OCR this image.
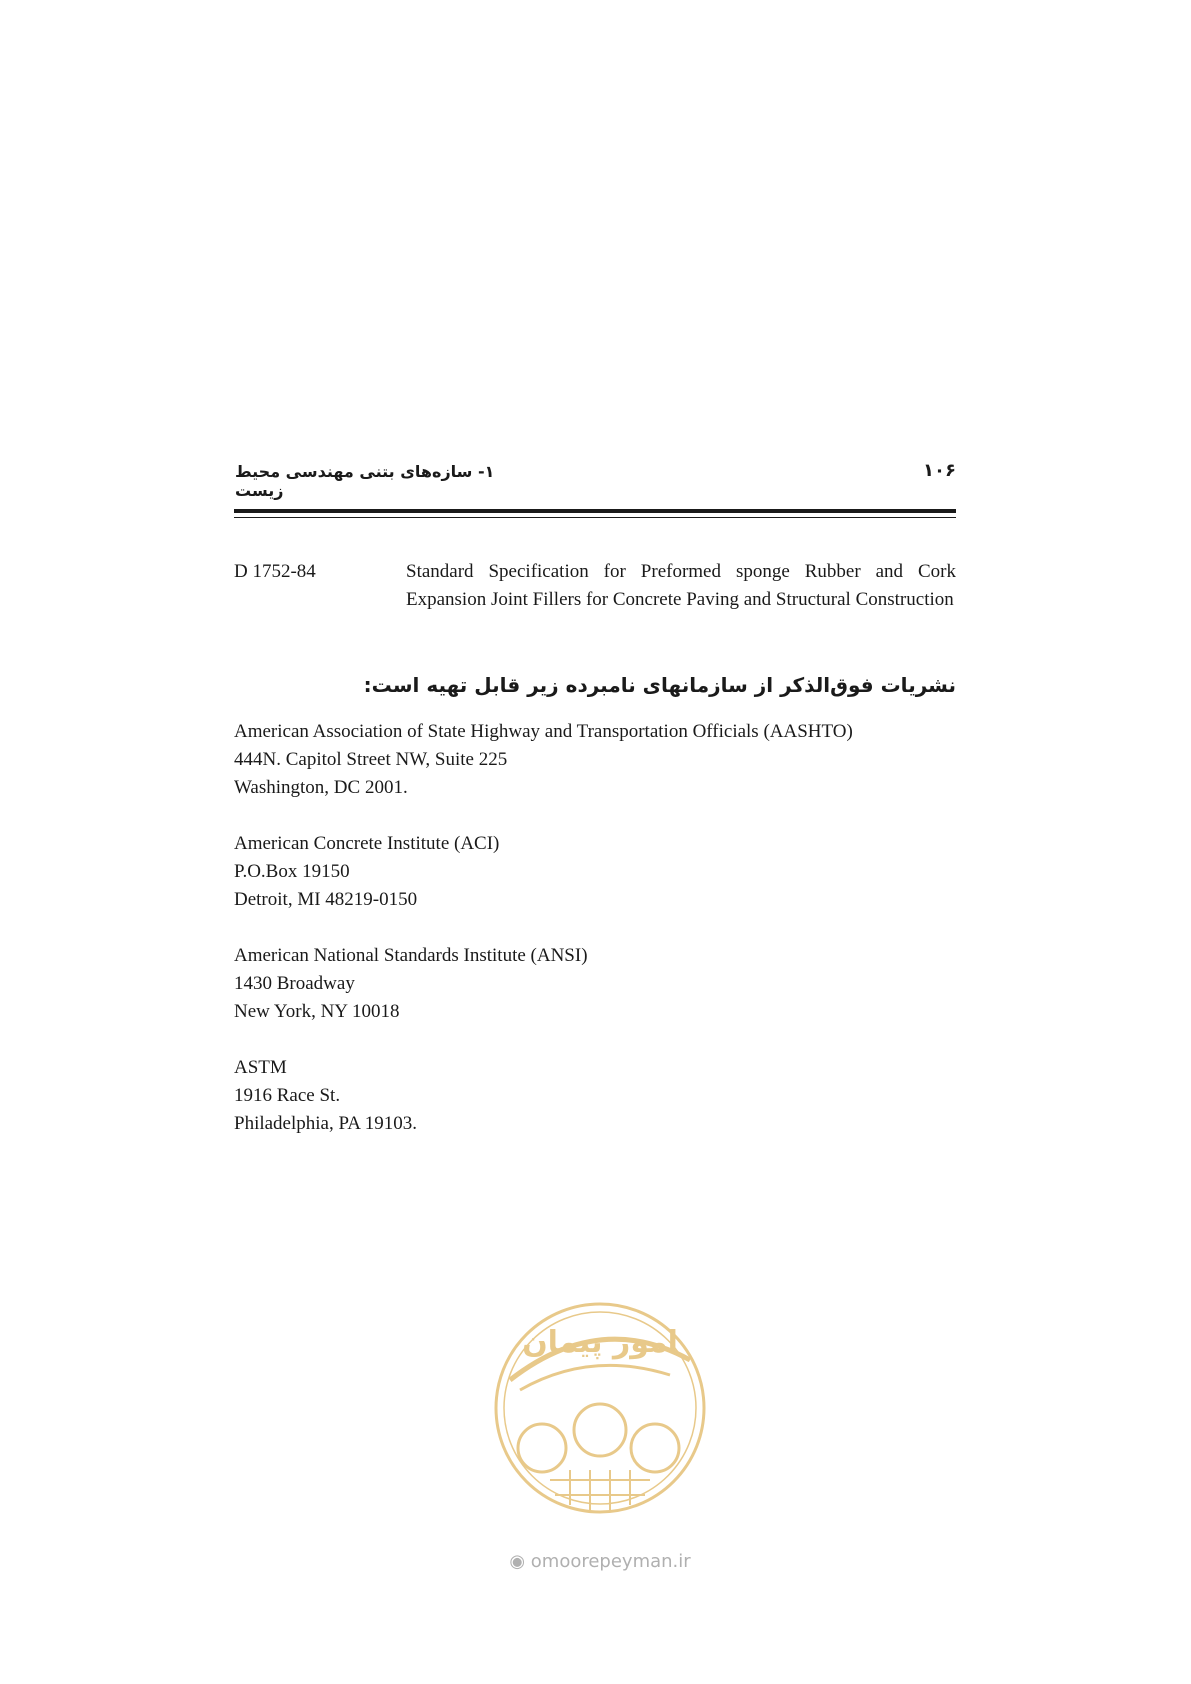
۱- سازه‌های بتنی مهندسی محیط زیست
۱۰۶
D 1752-84	Standard Specification for Preformed sponge Rubber and Cork Expansion Joint Fillers for Concrete Paving and Structural Construction
نشریات فوق‌الذکر از سازمانهای نامبرده زیر قابل تهیه است:
American Association of State Highway and Transportation Officials (AASHTO)
444N. Capitol Street NW, Suite 225
Washington, DC 2001.
American Concrete Institute (ACI)
P.O.Box 19150
Detroit, MI 48219-0150
American National Standards Institute (ANSI)
1430 Broadway
New York, NY 10018
ASTM
1916 Race St.
Philadelphia, PA 19103.
امور پیمان
◉ omoorepeyman.ir
